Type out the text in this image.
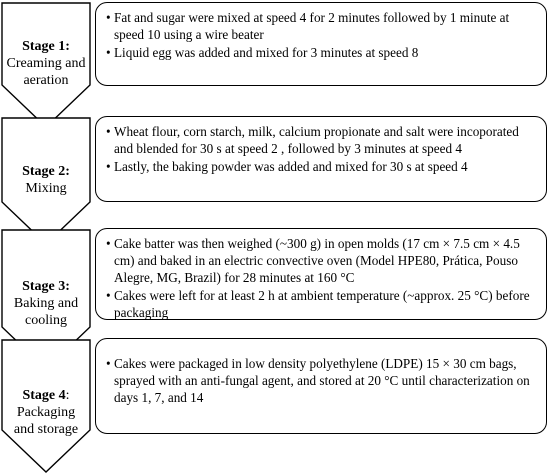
Stage 1:
Creaming and
aeration
• Fat and sugar were mixed at speed 4 for 2 minutes followed by 1 minute at speed 10 using a wire beater
• Liquid egg was added and mixed for 3 minutes at speed 8
Stage 2:
Mixing
• Wheat flour, corn starch, milk, calcium propionate and salt were incoporated and blended for 30 s at speed 2 , followed by 3 minutes at speed 4
• Lastly, the baking powder was added and mixed for 30 s at speed 4
Stage 3:
Baking and
cooling
• Cake batter was then weighed (~300 g) in open molds (17 cm × 7.5 cm × 4.5 cm) and baked in an electric convective oven (Model HPE80, Prática, Pouso Alegre, MG, Brazil) for 28 minutes at 160 °C
• Cakes were left for at least 2 h at ambient temperature (~approx. 25 °C) before packaging
Stage 4:
Packaging
and storage
• Cakes were packaged in low density polyethylene (LDPE) 15 × 30 cm bags, sprayed with an anti-fungal agent, and stored at 20 °C until characterization on days 1, 7, and 14
